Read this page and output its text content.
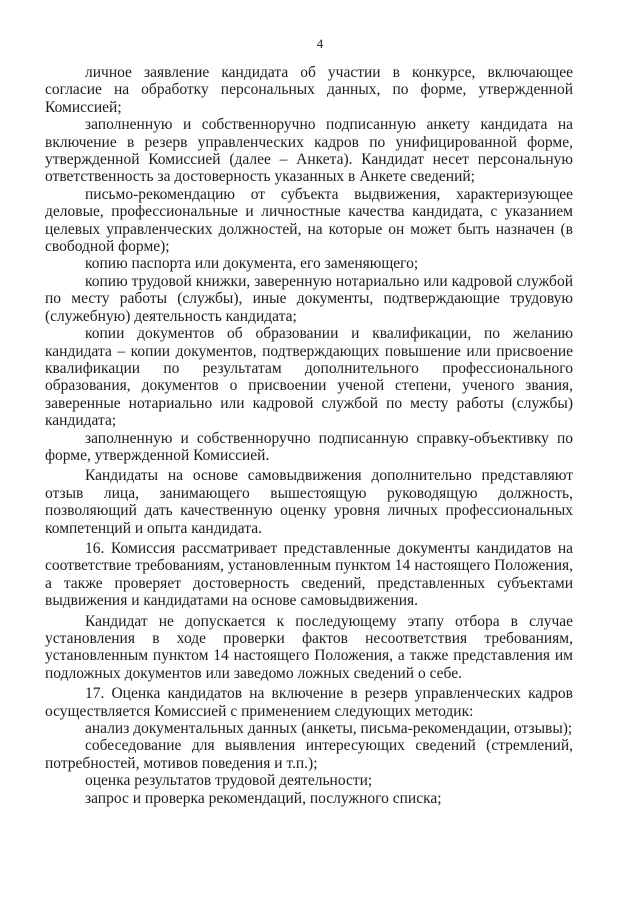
4

личное заявление кандидата об участии в конкурсе, включающее согласие на обработку персональных данных, по форме, утвержденной Комиссией;

заполненную и собственноручно подписанную анкету кандидата на включение в резерв управленческих кадров по унифицированной форме, утвержденной Комиссией (далее – Анкета). Кандидат несет персональную ответственность за достоверность указанных в Анкете сведений;

письмо-рекомендацию от субъекта выдвижения, характеризующее деловые, профессиональные и личностные качества кандидата, с указанием целевых управленческих должностей, на которые он может быть назначен (в свободной форме);

копию паспорта или документа, его заменяющего;

копию трудовой книжки, заверенную нотариально или кадровой службой по месту работы (службы), иные документы, подтверждающие трудовую (служебную) деятельность кандидата;

копии документов об образовании и квалификации, по желанию кандидата – копии документов, подтверждающих повышение или присвоение квалификации по результатам дополнительного профессионального образования, документов о присвоении ученой степени, ученого звания, заверенные нотариально или кадровой службой по месту работы (службы) кандидата;

заполненную и собственноручно подписанную справку-объективку по форме, утвержденной Комиссией.

Кандидаты на основе самовыдвижения дополнительно представляют отзыв лица, занимающего вышестоящую руководящую должность, позволяющий дать качественную оценку уровня личных профессиональных компетенций и опыта кандидата.

16. Комиссия рассматривает представленные документы кандидатов на соответствие требованиям, установленным пунктом 14 настоящего Положения, а также проверяет достоверность сведений, представленных субъектами выдвижения и кандидатами на основе самовыдвижения.

Кандидат не допускается к последующему этапу отбора в случае установления в ходе проверки фактов несоответствия требованиям, установленным пунктом 14 настоящего Положения, а также представления им подложных документов или заведомо ложных сведений о себе.

17. Оценка кандидатов на включение в резерв управленческих кадров осуществляется Комиссией с применением следующих методик:

анализ документальных данных (анкеты, письма-рекомендации, отзывы);

собеседование для выявления интересующих сведений (стремлений, потребностей, мотивов поведения и т.п.);

оценка результатов трудовой деятельности;

запрос и проверка рекомендаций, послужного списка;
